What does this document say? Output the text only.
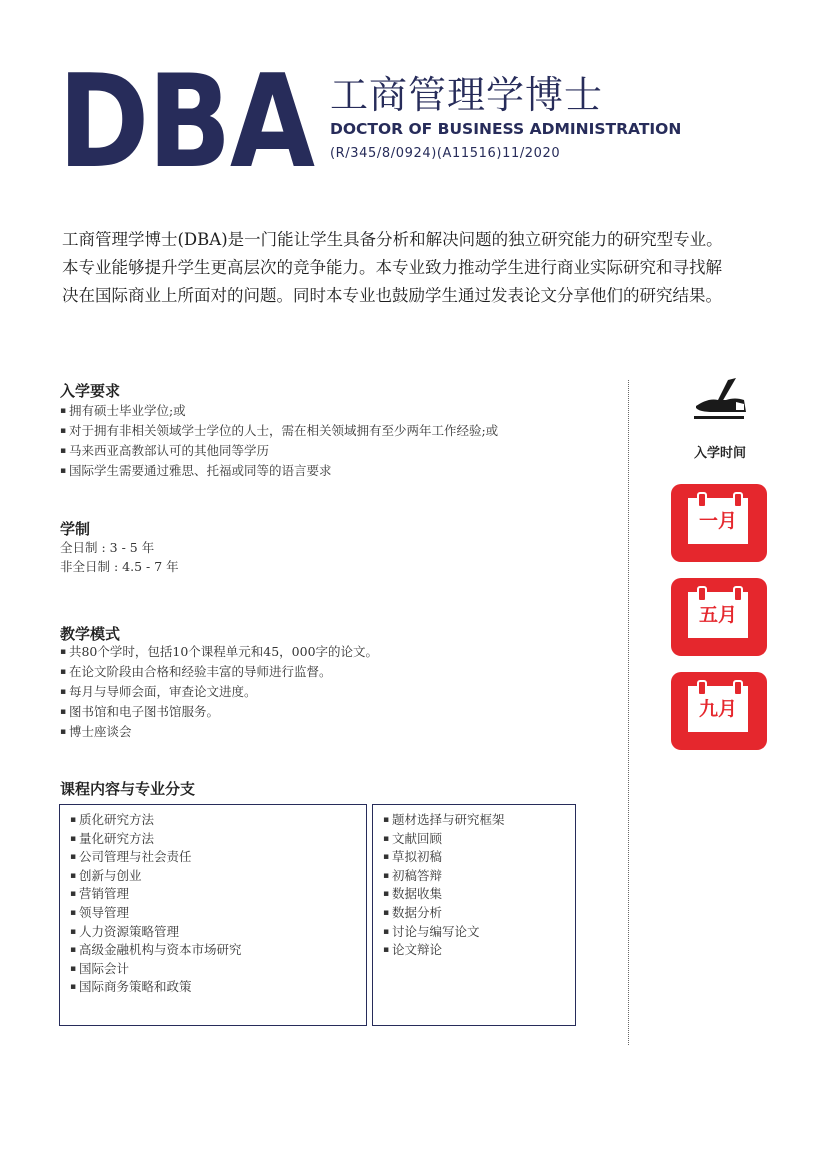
DBA 工商管理学博士
DOCTOR OF BUSINESS ADMINISTRATION
(R/345/8/0924)(A11516)11/2020

工商管理学博士(DBA)是一门能让学生具备分析和解决问题的独立研究能力的研究型专业。

本专业能够提升学生更高层次的竞争能力。本专业致力推动学生进行商业实际研究和寻找解

决在国际商业上所面对的问题。同时本专业也鼓励学生通过发表论文分享他们的研究结果。

入学要求
▪ 拥有硕士毕业学位;或
▪ 对于拥有非相关领域学士学位的人士，需在相关领域拥有至少两年工作经验;或
▪ 马来西亚高教部认可的其他同等学历
▪ 国际学生需要通过雅思、托福或同等的语言要求
学制
全日制 : 3 - 5 年
非全日制 : 4.5 - 7 年
教学模式
▪ 共80个学时，包括10个课程单元和45，000字的论文。
▪ 在论文阶段由合格和经验丰富的导师进行监督。
▪ 每月与导师会面，审查论文进度。
▪ 图书馆和电子图书馆服务。
▪ 博士座谈会
课程内容与专业分支
▪ 质化研究方法
▪ 量化研究方法
▪ 公司管理与社会责任
▪ 创新与创业
▪ 营销管理
▪ 领导管理
▪ 人力资源策略管理
▪ 高级金融机构与资本市场研究
▪ 国际会计
▪ 国际商务策略和政策
▪ 题材选择与研究框架
▪ 文献回顾
▪ 草拟初稿
▪ 初稿答辩
▪ 数据收集
▪ 数据分析
▪ 讨论与编写论文
▪ 论文辩论
入学时间
一月
五月
九月
